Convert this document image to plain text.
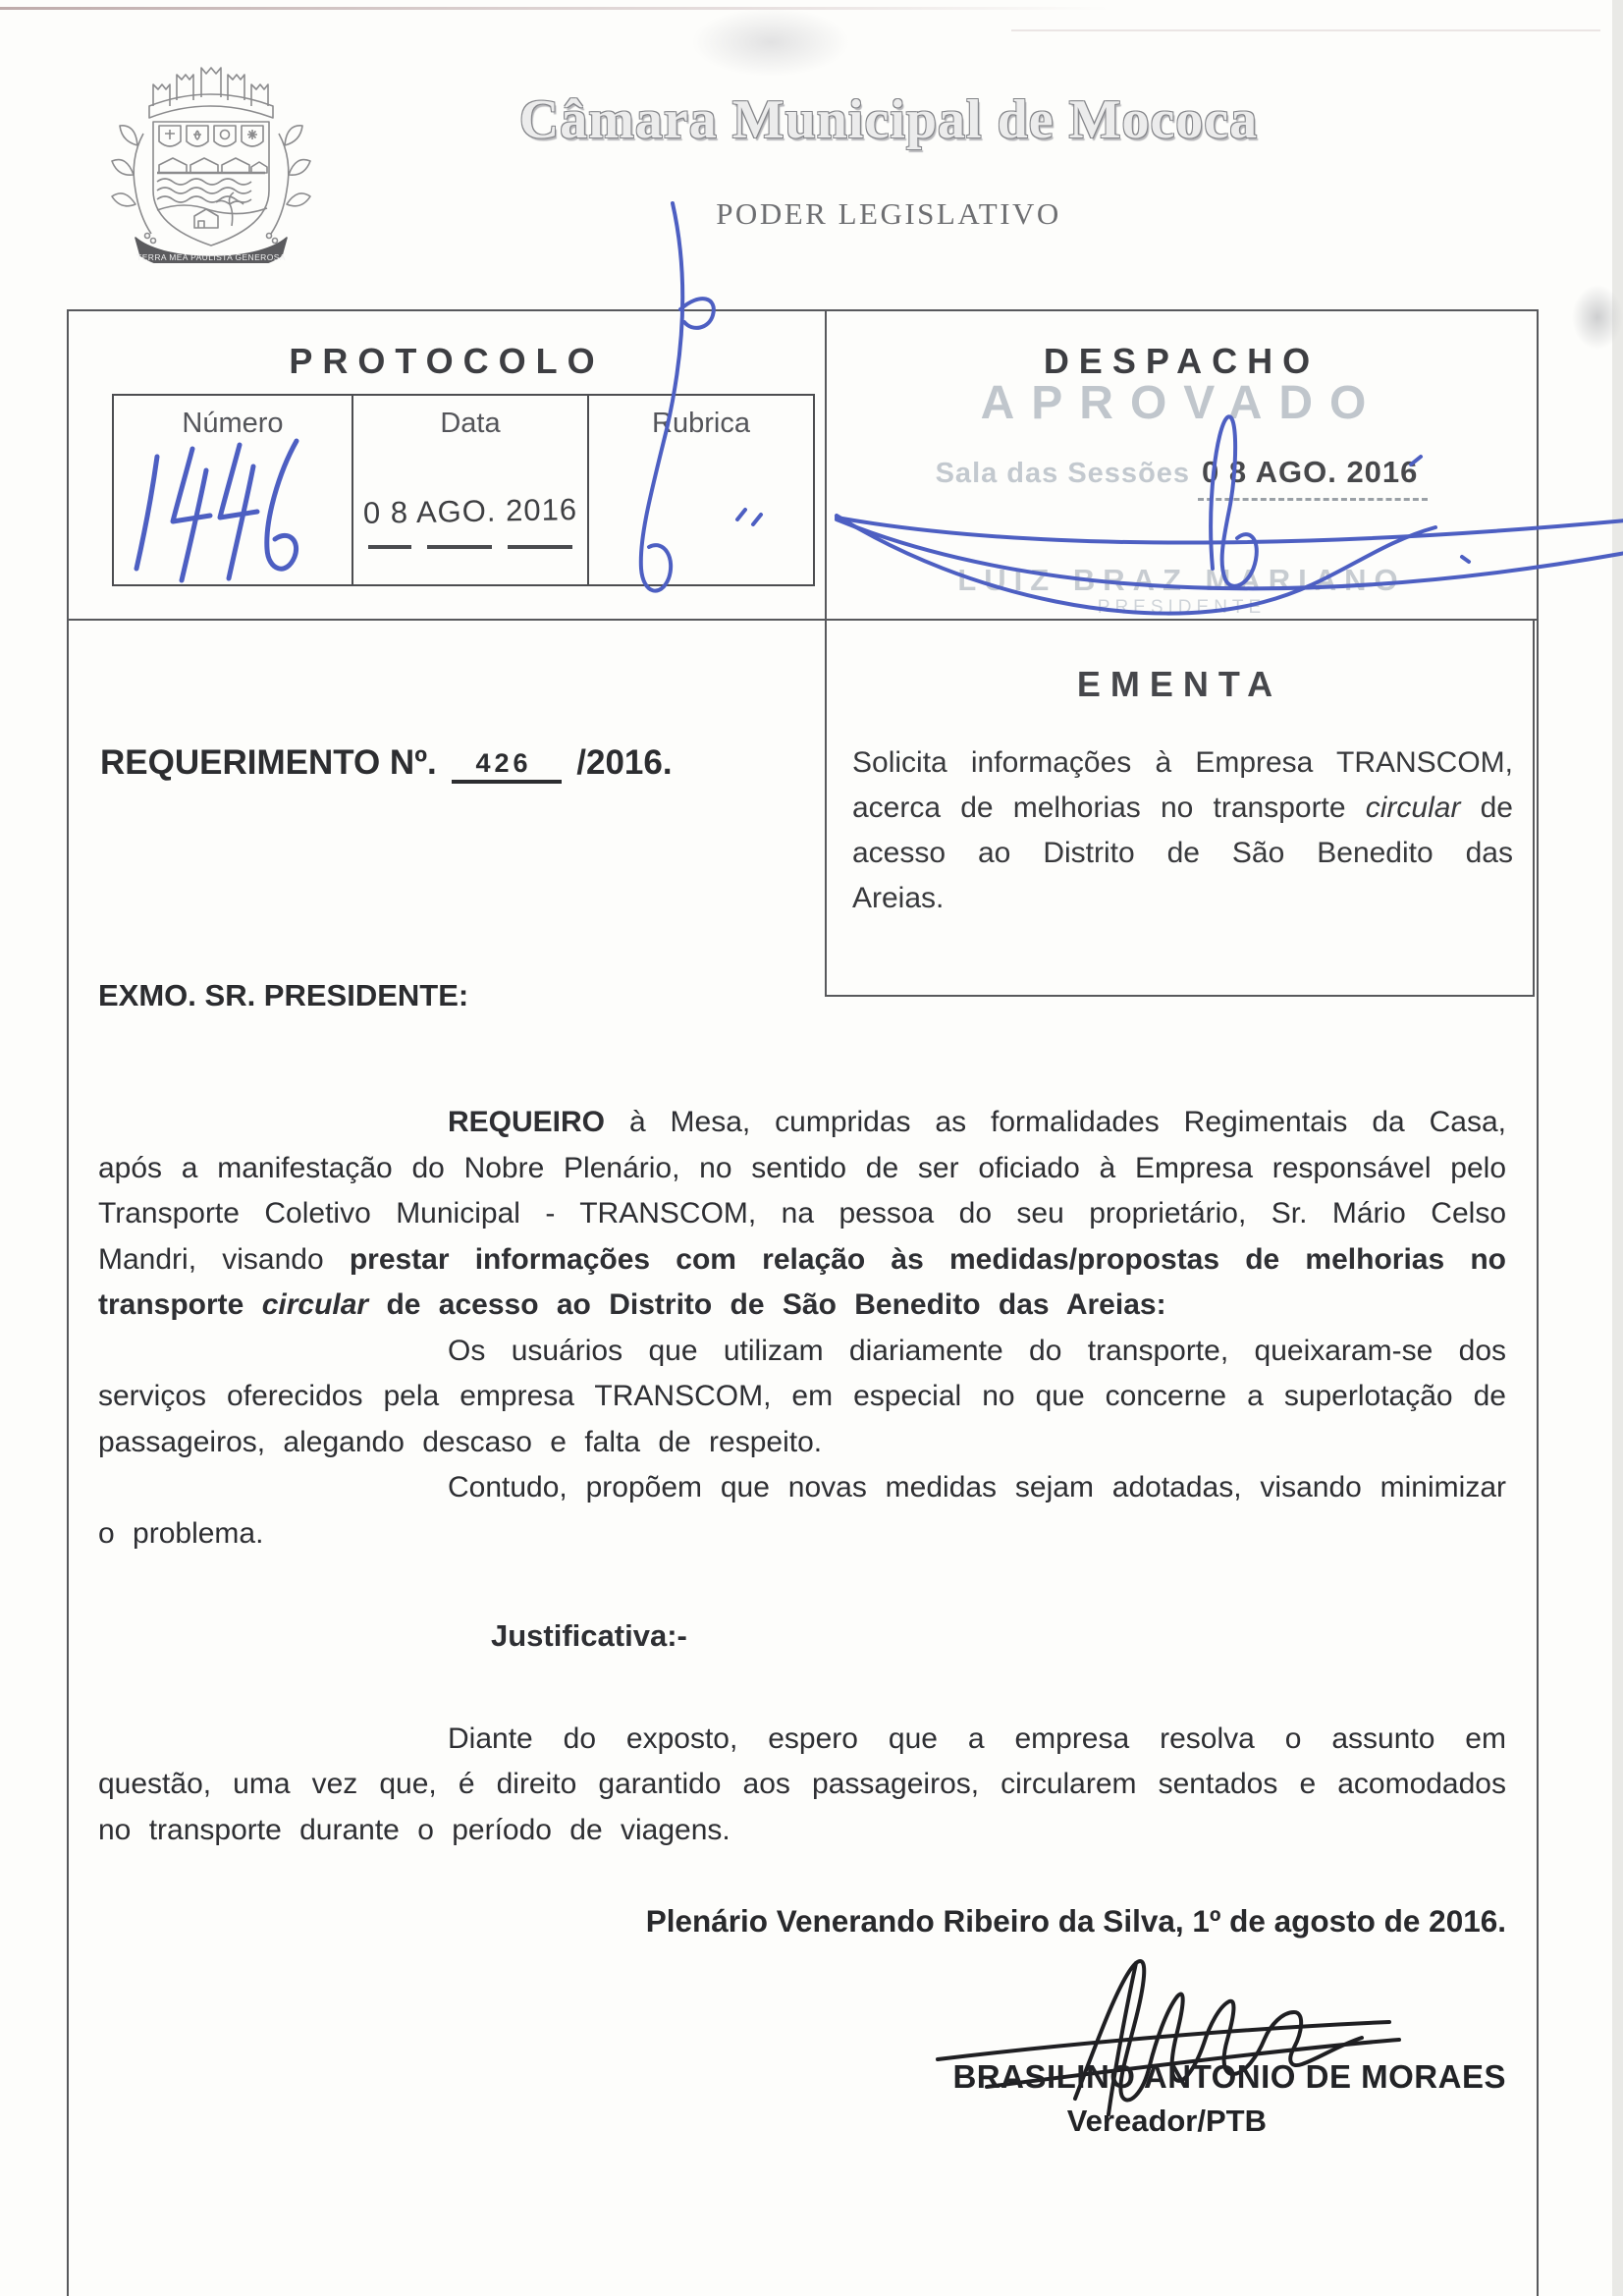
TERRA MEA PAULISTA GENEROSA
Câmara Municipal de Mococa
PODER LEGISLATIVO
PROTOCOLO
Número	Data
0 8 AGO. 2016
Rubrica
DESPACHO
APROVADO
Sala das Sessões 0 8 AGO. 2016
LUIZ BRAZ MARIANO
PRESIDENTE
REQUERIMENTO Nº. 426 /2016.
EMENTA
Solicita informações à Empresa TRANSCOM, acerca de melhorias no transporte circular de acesso ao Distrito de São Benedito das Areias.
EXMO. SR. PRESIDENTE:

REQUEIRO à Mesa, cumpridas as formalidades Regimentais da Casa, após a manifestação do Nobre Plenário, no sentido de ser oficiado à Empresa responsável pelo Transporte Coletivo Municipal - TRANSCOM, na pessoa do seu proprietário, Sr. Mário Celso Mandri, visando prestar informações com relação às medidas/propostas de melhorias no transporte circular de acesso ao Distrito de São Benedito das Areias:

Os usuários que utilizam diariamente do transporte, queixaram-se dos serviços oferecidos pela empresa TRANSCOM, em especial no que concerne a superlotação de passageiros, alegando descaso e falta de respeito.

Contudo, propõem que novas medidas sejam adotadas, visando minimizar o problema.

Justificativa:-

Diante do exposto, espero que a empresa resolva o assunto em questão, uma vez que, é direito garantido aos passageiros, circularem sentados e acomodados no transporte durante o período de viagens.

Plenário Venerando Ribeiro da Silva, 1º de agosto de 2016.
BRASILINO ANTONIO DE MORAES
Vereador/PTB
